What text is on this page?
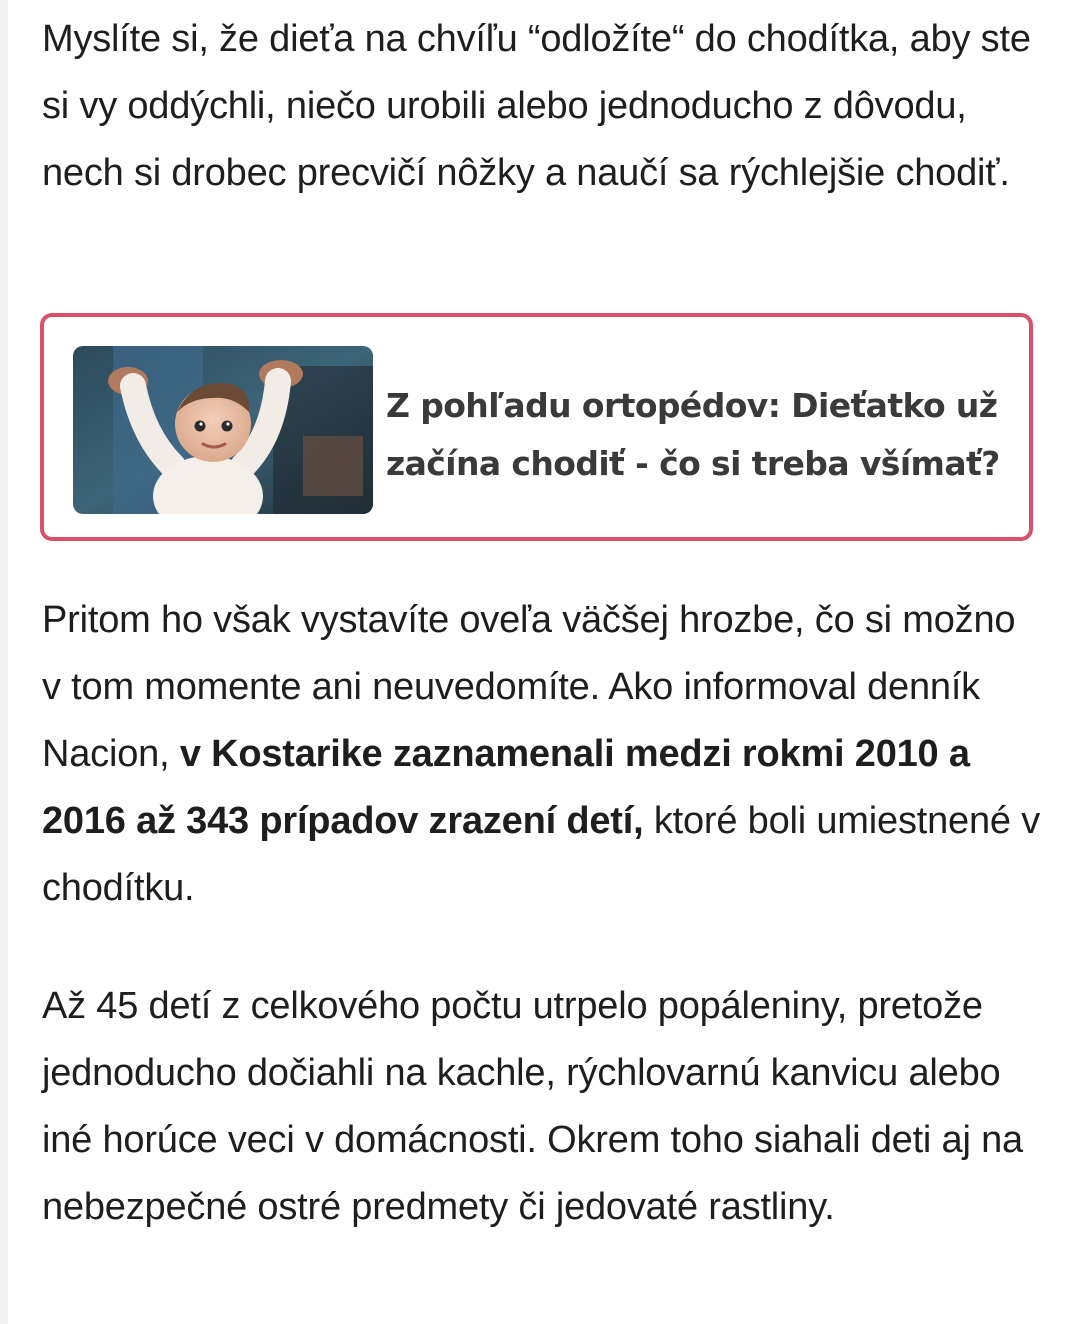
Myslíte si, že dieťa na chvíľu “odložíte“ do chodítka, aby ste si vy oddýchli, niečo urobili alebo jednoducho z dôvodu, nech si drobec precvičí nôžky a naučí sa rýchlejšie chodiť.

Pritom ho však vystavíte oveľa väčšej hrozbe, čo si možno v tom momente ani neuvedomíte. Ako informoval denník Nacion, v Kostarike zaznamenali medzi rokmi 2010 a 2016 až 343 prípadov zrazení detí, ktoré boli umiestnené v chodítku.

Až 45 detí z celkového počtu utrpelo popáleniny, pretože jednoducho dočiahli na kachle, rýchlovarnú kanvicu alebo iné horúce veci v domácnosti. Okrem toho siahali deti aj na nebezpečné ostré predmety či jedovaté rastliny.

Z pohľadu ortopédov: Dieťatko už začína chodiť - čo si treba všímať?
